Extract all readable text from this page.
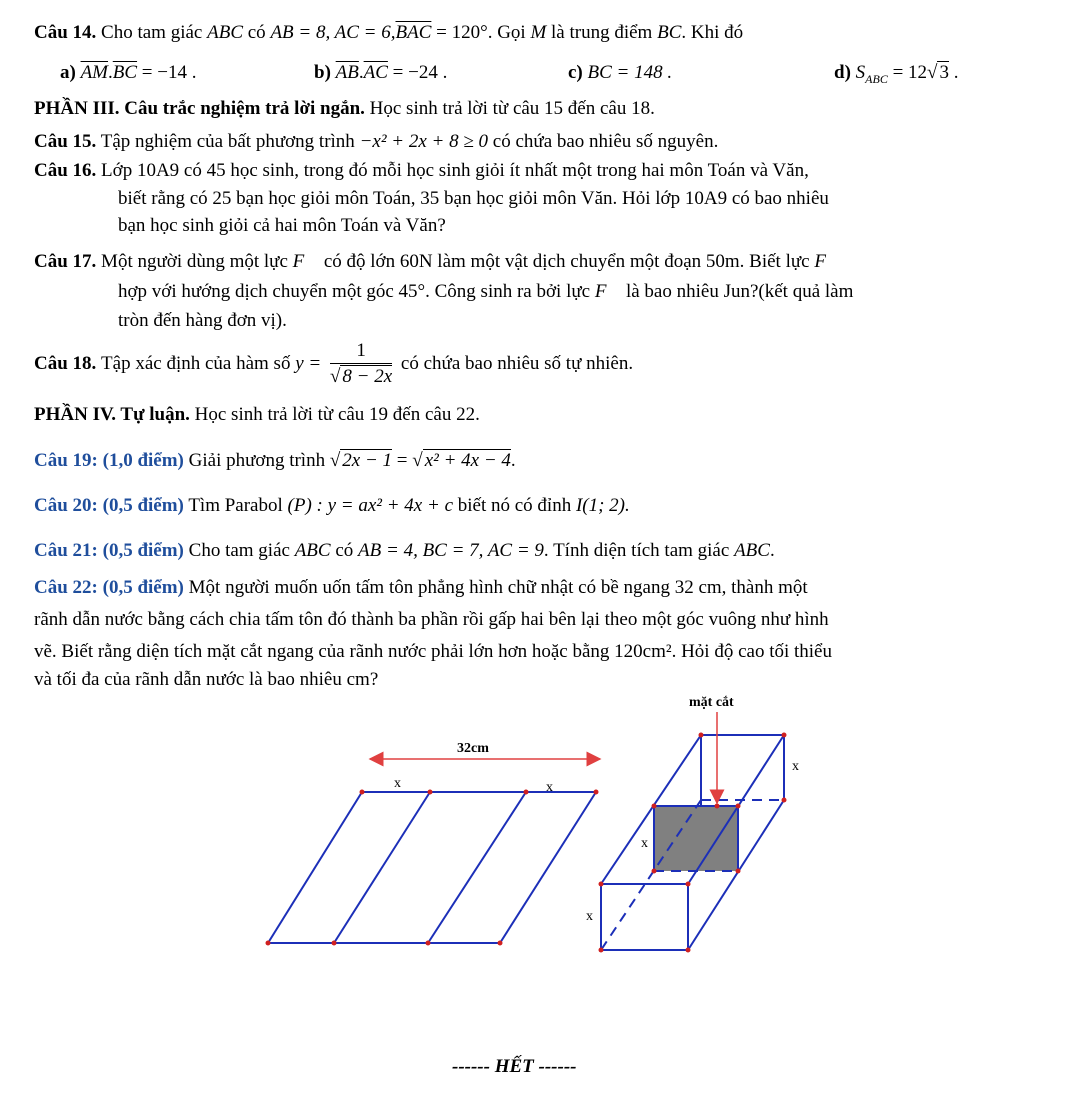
Câu 14. Cho tam giác ABC có AB = 8, AC = $6,\overline{BAC} = 120^\circ$. Gọi M là trung điểm BC. Khi đó
a) $\overline{AM}.\overline{BC} = -14$ .	b) $\overline{AB}.\overline{AC} = -24$ .	c) BC = 148 .	d) $S_{ABC} = 12√$ 3 .
PHẦN III. Câu trắc nghiệm trả lời ngắn. Học sinh trả lời từ câu 15 đến câu 18.
Câu 15. Tập nghiệm của bất phương trình −x² + 2x + 8 ≥ 0 có chứa bao nhiêu số nguyên.
Câu 16. Lớp 10A9 có 45 học sinh, trong đó mỗi học sinh giỏi ít nhất một trong hai môn Toán và Văn,
biết rằng có 25 bạn học giỏi môn Toán, 35 bạn học giỏi môn Văn. Hỏi lớp 10A9 có bao nhiêu
bạn học sinh giỏi cả hai môn Toán và Văn?
Câu 17. Một người dùng một lực F⃗ có độ lớn 60N làm một vật dịch chuyển một đoạn 50m. Biết lực F⃗
hợp với hướng dịch chuyển một góc 45°. Công sinh ra bởi lực F⃗ là bao nhiêu Jun?(kết quả làm
tròn đến hàng đơn vị).
Câu 18. Tập xác định của hàm số $y = \frac{1}{√ 8 - 2x}$ có chứa bao nhiêu số tự nhiên.
PHẦN IV. Tự luận. Học sinh trả lời từ câu 19 đến câu 22.
Câu 19: (1,0 điểm) Giải phương trình √ 2x − 1 = √ x² + 4x − 4.
Câu 20: (0,5 điểm) Tìm Parabol (P) : y = ax² + 4x + c biết nó có đỉnh I(1; 2).
Câu 21: (0,5 điểm) Cho tam giác ABC có AB = 4, BC = 7, AC = 9. Tính diện tích tam giác ABC.
Câu 22: (0,5 điểm) Một người muốn uốn tấm tôn phẳng hình chữ nhật có bề ngang 32 cm, thành một
rãnh dẫn nước bằng cách chia tấm tôn đó thành ba phần rồi gấp hai bên lại theo một góc vuông như hình
vẽ. Biết rằng diện tích mặt cắt ngang của rãnh nước phải lớn hơn hoặc bằng 120cm². Hỏi độ cao tối thiểu
và tối đa của rãnh dẫn nước là bao nhiêu cm?
32cm
x	x
mặt cắt
x
x
x
------ HẾT ------
